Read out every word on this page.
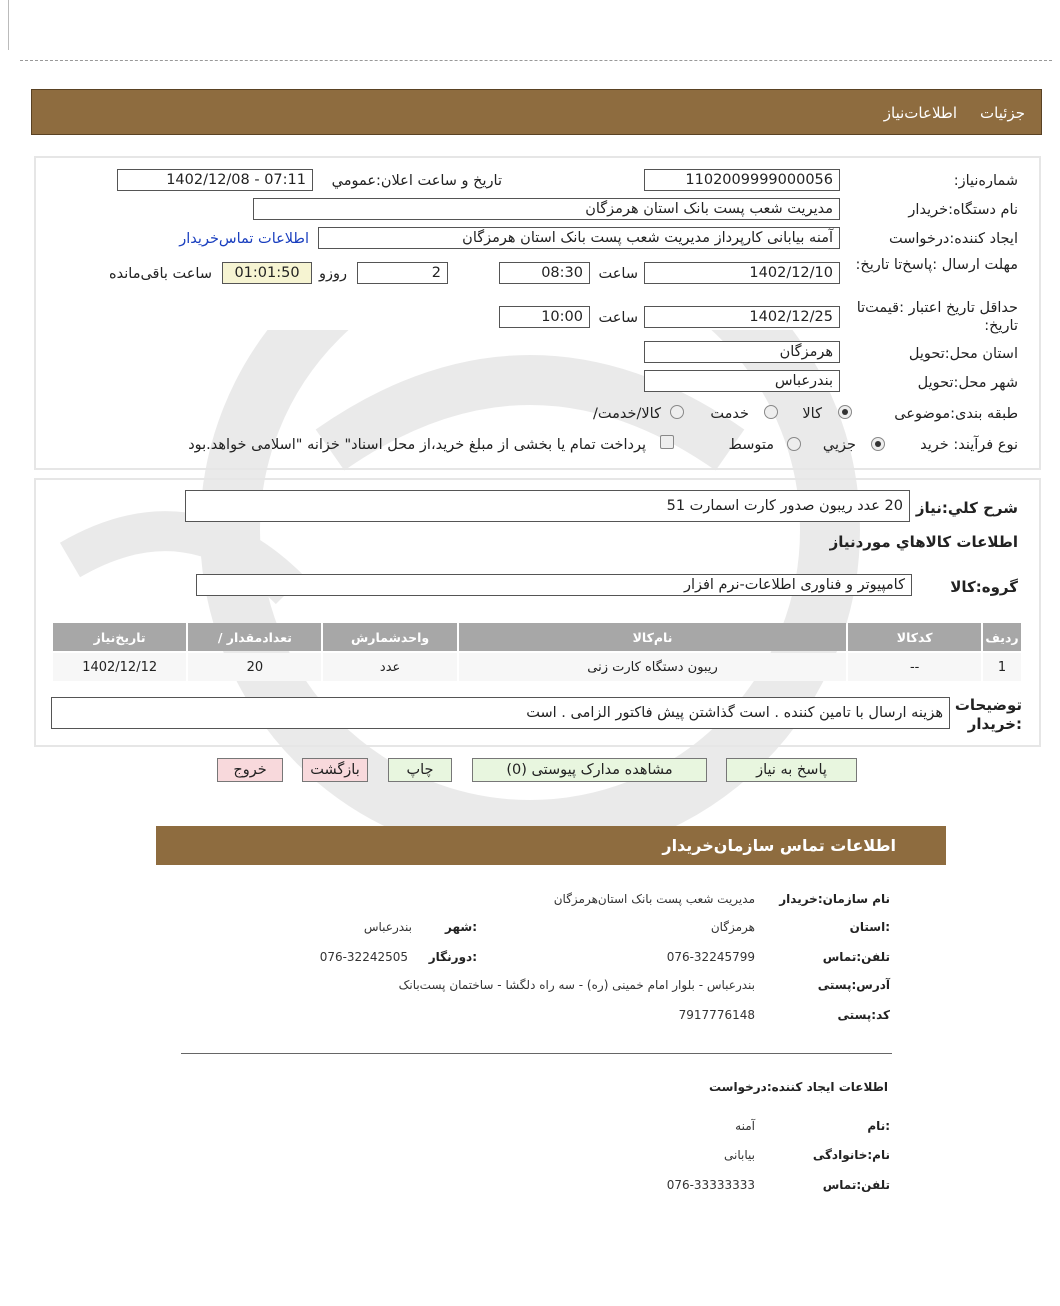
جزئیات
اطلاعات‌نیاز
شماره‌نیاز:
1102009999000056
تاريخ و ساعت اعلان‌:عمومي
1402/12/08 - 07:11
نام دستگاه‌:خریدار
مدیریت شعب پست بانک استان هرمزگان
ایجاد کننده‌:درخواست
آمنه بیابانی کارپرداز مدیریت شعب پست بانک استان هرمزگان
اطلاعات تماس‌خریدار
مهلت ارسال :پاسخ‌تا تاریخ‌:
1402/12/10
ساعت
08:30
2
روزو
01:01:50
ساعت باقی‌مانده
حداقل تاریخ اعتبار :قیمت‌تا تاریخ‌:
1402/12/25
ساعت
10:00
استان محل‌:تحویل
هرمزگان
شهر محل‌:تحویل
بندرعباس
طبقه بندی‌:موضوعی
کالا
خدمت
کالا/خدمت/
نوع فرآیند‌: خرید
جزیي
متوسط
پرداخت تمام یا بخشی از مبلغ خرید،از محل اسناد" خزانه "اسلامی خواهد.بود
شرح کلي‌:نیاز
20 عدد ریبون صدور کارت اسمارت 51
اطلاعات کالاهاي موردنیاز
گروه‌:کالا
کامپیوتر و فناوری اطلاعات-نرم افزار
ردیف	کدکالا	نام‌کالا	واحدشمارش	تعدادمقدار /	تاریخ‌نیاز
1	--	ریبون دستگاه کارت زنی	عدد	20	1402/12/12
توضیحات :خریدار
هزینه ارسال با تامین کننده . است گذاشتن پیش فاکتور الزامی . است
پاسخ به نیاز
مشاهده مدارک پیوستی (0)
چاپ
بازگشت
خروج
اطلاعات تماس سازمان‌خریدار
نام سازمان‌:خریدار
مدیریت شعب پست بانک استان‌هرمزگان
:استان
هرمزگان
:شهر
بندرعباس
تلفن‌:تماس
076-32245799
:دورنگار
076-32242505
آدرس‌:پستی
بندرعباس - بلوار امام خمینی (ره) - سه راه دلگشا - ساختمان پست‌بانک
کد‌:پستی
7917776148
اطلاعات ایجاد کننده‌:درخواست
:نام
آمنه
نام‌:خانوادگی
بیابانی
تلفن‌:تماس
076-33333333
